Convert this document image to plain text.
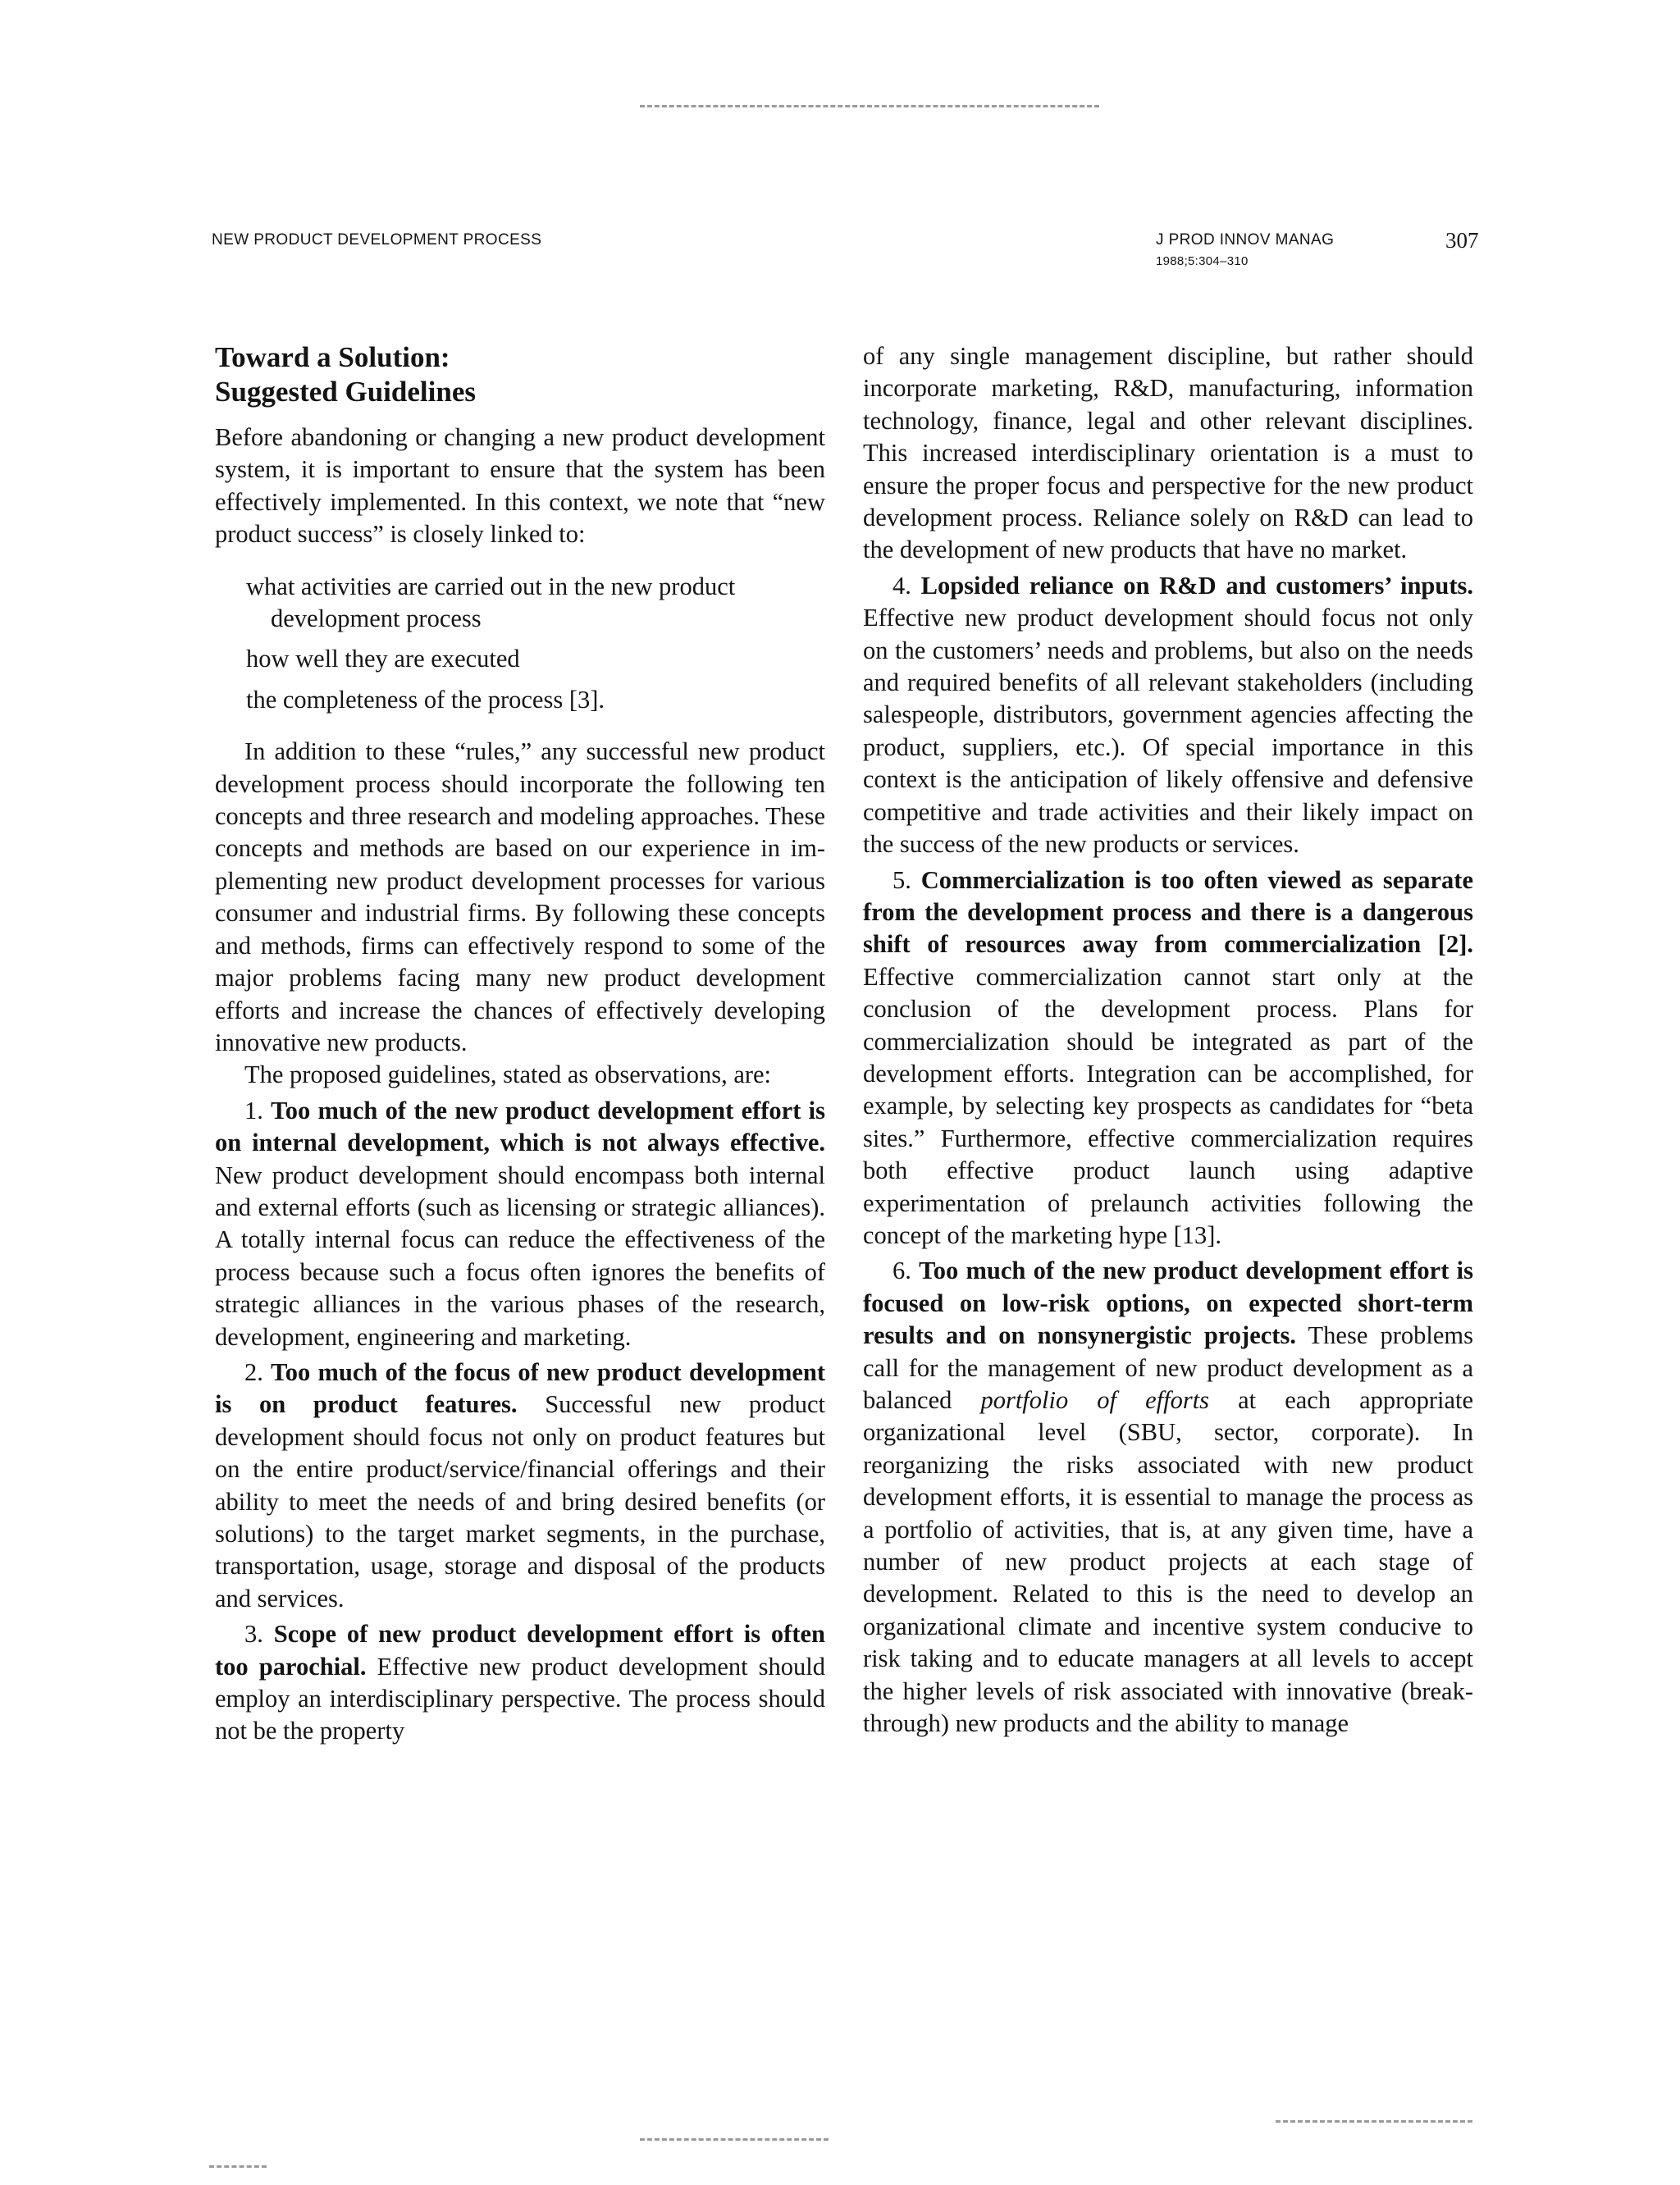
NEW PRODUCT DEVELOPMENT PROCESS	J PROD INNOV MANAG
1988;5:304–310
307
Toward a Solution:
Suggested Guidelines

Before abandoning or changing a new product development system, it is important to ensure that the system has been effectively implemented. In this context, we note that “new product success” is closely linked to:

what activities are carried out in the new product development process
how well they are executed
the completeness of the process [3].

In addition to these “rules,” any successful new product development process should incorporate the following ten concepts and three research and modeling approaches. These concepts and methods are based on our experience in implementing new product development processes for various consumer and industrial firms. By following these concepts and methods, firms can effectively respond to some of the major problems facing many new product development efforts and increase the chances of effectively developing innovative new products.

The proposed guidelines, stated as observations, are:

1. Too much of the new product development effort is on internal development, which is not always effective. New product development should encompass both internal and external efforts (such as licensing or strategic alliances). A totally internal focus can reduce the effectiveness of the process because such a focus often ignores the benefits of strategic alliances in the various phases of the research, development, engineering and marketing.

2. Too much of the focus of new product development is on product features. Successful new product development should focus not only on product features but on the entire product/service/financial offerings and their ability to meet the needs of and bring desired benefits (or solutions) to the target market segments, in the purchase, transportation, usage, storage and disposal of the products and services.

3. Scope of new product development effort is often too parochial. Effective new product development should employ an interdisciplinary perspective. The process should not be the property

of any single management discipline, but rather should incorporate marketing, R&D, manufacturing, information technology, finance, legal and other relevant disciplines. This increased interdisciplinary orientation is a must to ensure the proper focus and perspective for the new product development process. Reliance solely on R&D can lead to the development of new products that have no market.

4. Lopsided reliance on R&D and customers’ inputs. Effective new product development should focus not only on the customers’ needs and problems, but also on the needs and required benefits of all relevant stakeholders (including salespeople, distributors, government agencies affecting the product, suppliers, etc.). Of special importance in this context is the anticipation of likely offensive and defensive competitive and trade activities and their likely impact on the success of the new products or services.

5. Commercialization is too often viewed as separate from the development process and there is a dangerous shift of resources away from commercialization [2]. Effective commercialization cannot start only at the conclusion of the development process. Plans for commercialization should be integrated as part of the development efforts. Integration can be accomplished, for example, by selecting key prospects as candidates for “beta sites.” Furthermore, effective commercialization requires both effective product launch using adaptive experimentation of prelaunch activities following the concept of the marketing hype [13].

6. Too much of the new product development effort is focused on low-risk options, on expected short-term results and on nonsynergistic projects. These problems call for the management of new product development as a balanced portfolio of efforts at each appropriate organizational level (SBU, sector, corporate). In reorganizing the risks associated with new product development efforts, it is essential to manage the process as a portfolio of activities, that is, at any given time, have a number of new product projects at each stage of development. Related to this is the need to develop an organizational climate and incentive system conducive to risk taking and to educate managers at all levels to accept the higher levels of risk associated with innovative (breakthrough) new products and the ability to manage
